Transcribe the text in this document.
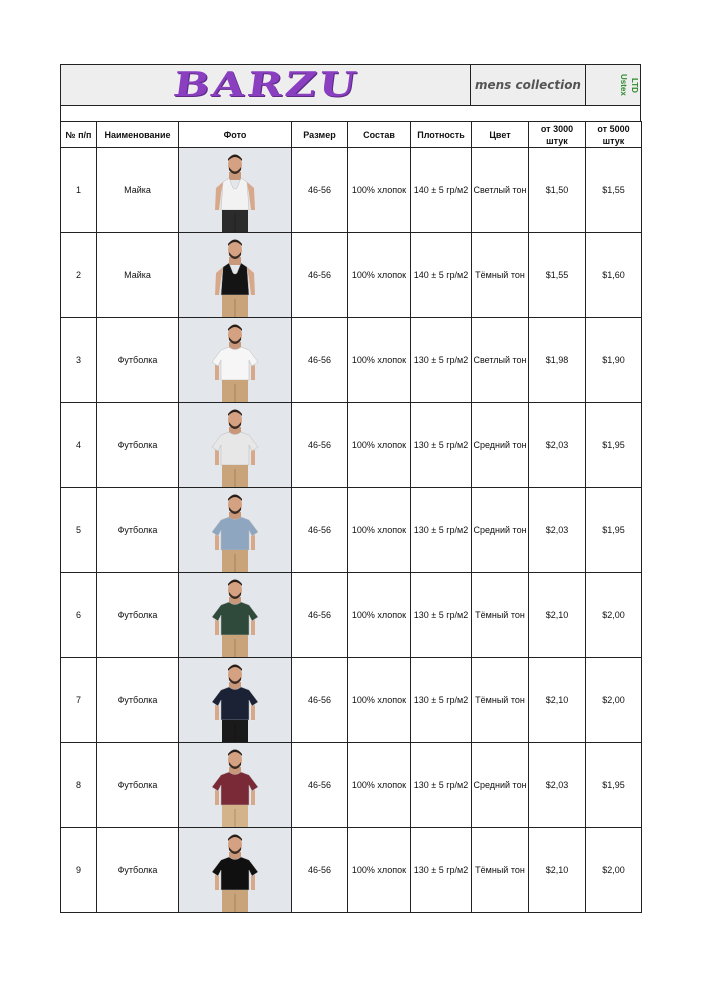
BARZU	mens collection	Ustex LTD
№ п/п	Наименование	Фото	Размер	Состав	Плотность	Цвет	от 3000 штук	от 5000 штук
1	Майка		46-56	100% хлопок	140 ± 5 гр/м2	Светлый тон	$1,50	$1,55
2	Майка		46-56	100% хлопок	140 ± 5 гр/м2	Тёмный тон	$1,55	$1,60
3	Футболка		46-56	100% хлопок	130 ± 5 гр/м2	Светлый тон	$1,98	$1,90
4	Футболка		46-56	100% хлопок	130 ± 5 гр/м2	Средний тон	$2,03	$1,95
5	Футболка		46-56	100% хлопок	130 ± 5 гр/м2	Средний тон	$2,03	$1,95
6	Футболка		46-56	100% хлопок	130 ± 5 гр/м2	Тёмный тон	$2,10	$2,00
7	Футболка		46-56	100% хлопок	130 ± 5 гр/м2	Тёмный тон	$2,10	$2,00
8	Футболка		46-56	100% хлопок	130 ± 5 гр/м2	Средний тон	$2,03	$1,95
9	Футболка		46-56	100% хлопок	130 ± 5 гр/м2	Тёмный тон	$2,10	$2,00
